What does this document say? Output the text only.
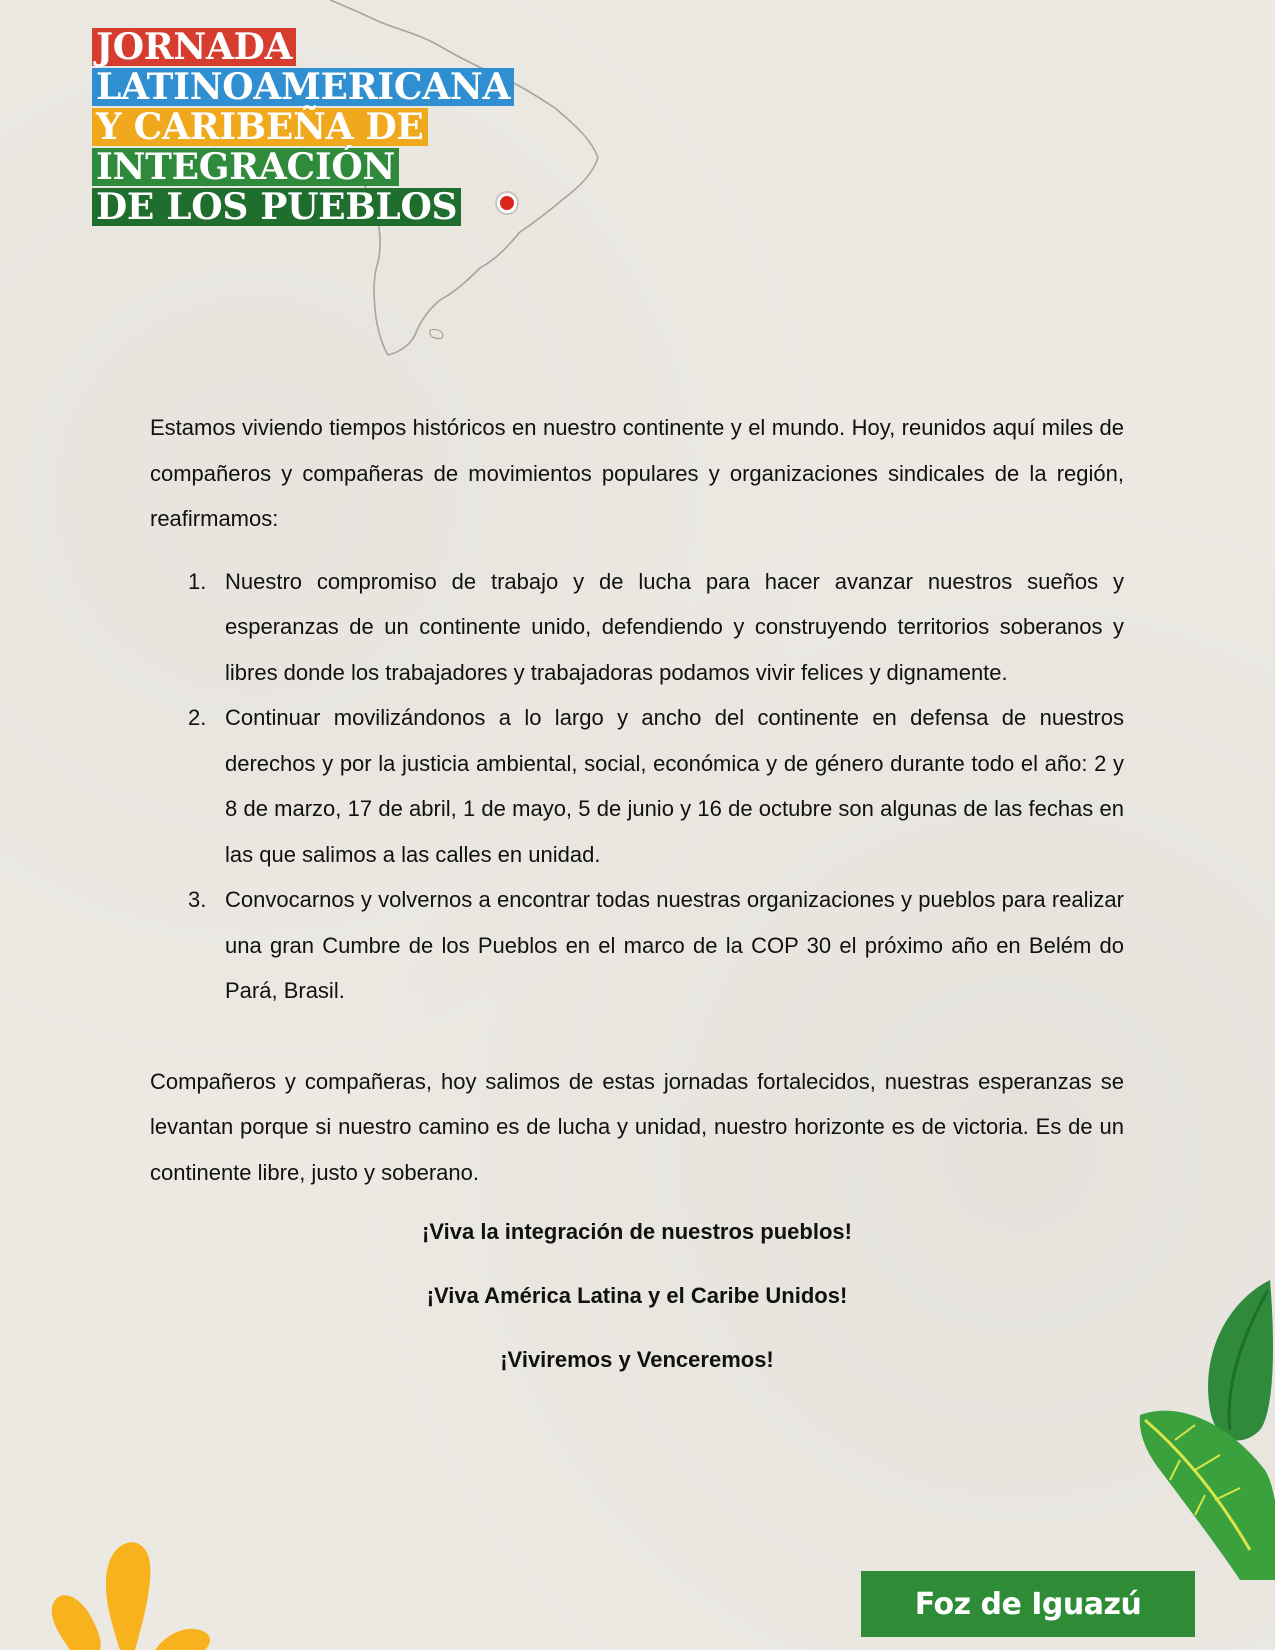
JORNADA
LATINOAMERICANA
Y CARIBEÑA DE
INTEGRACIÓN
DE LOS PUEBLOS

Estamos viviendo tiempos históricos en nuestro continente y el mundo. Hoy, reunidos aquí miles de compañeros y compañeras de movimientos populares y organizaciones sindicales de la región, reafirmamos:

1. Nuestro compromiso de trabajo y de lucha para hacer avanzar nuestros sueños y esperanzas de un continente unido, defendiendo y construyendo territorios soberanos y libres donde los trabajadores y trabajadoras podamos vivir felices y dignamente.
2. Continuar movilizándonos a lo largo y ancho del continente en defensa de nuestros derechos y por la justicia ambiental, social, económica y de género durante todo el año: 2 y 8 de marzo, 17 de abril, 1 de mayo, 5 de junio y 16 de octubre son algunas de las fechas en las que salimos a las calles en unidad.
3. Convocarnos y volvernos a encontrar todas nuestras organizaciones y pueblos para realizar una gran Cumbre de los Pueblos en el marco de la COP 30 el próximo año en Belém do Pará, Brasil.

Compañeros y compañeras, hoy salimos de estas jornadas fortalecidos, nuestras esperanzas se levantan porque si nuestro camino es de lucha y unidad, nuestro horizonte es de victoria. Es de un continente libre, justo y soberano.

¡Viva la integración de nuestros pueblos!

¡Viva América Latina y el Caribe Unidos!

¡Viviremos y Venceremos!

Foz de Iguazú
